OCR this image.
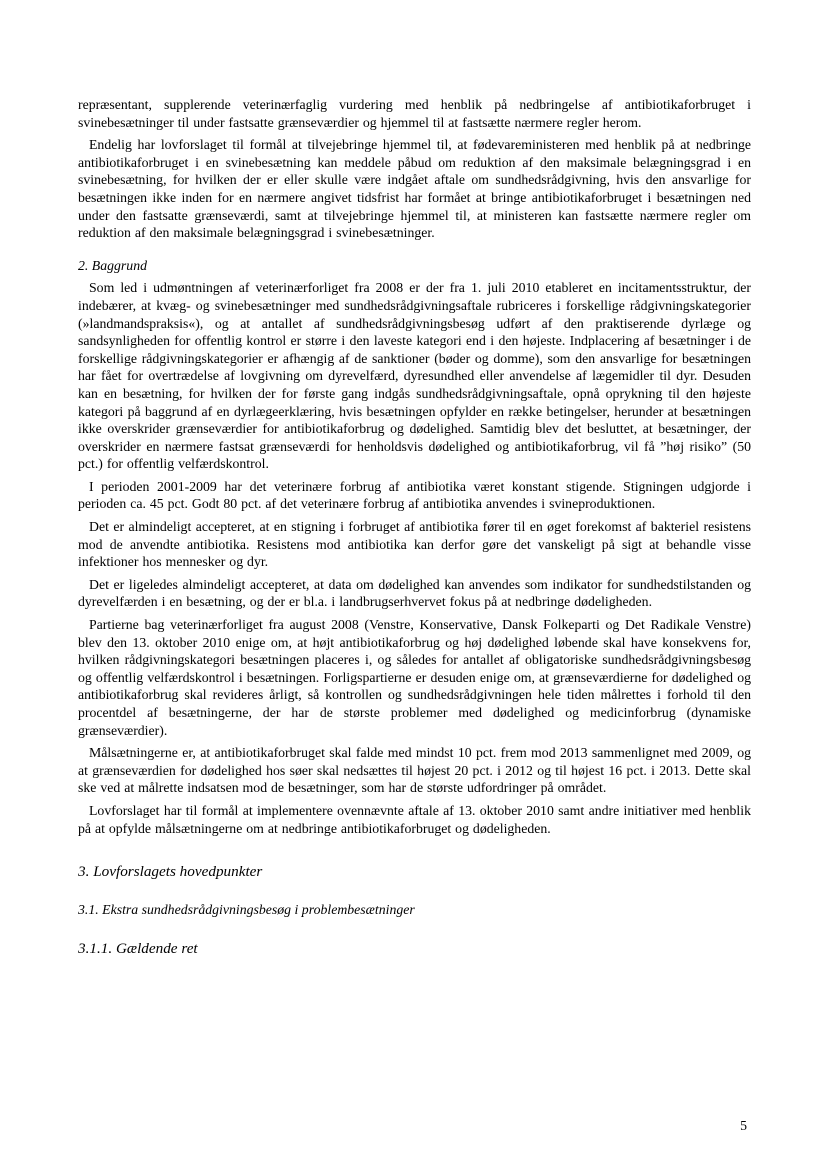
repræsentant, supplerende veterinærfaglig vurdering med henblik på nedbringelse af antibiotikaforbruget i svinebesætninger til under fastsatte grænseværdier og hjemmel til at fastsætte nærmere regler herom.

Endelig har lovforslaget til formål at tilvejebringe hjemmel til, at fødevareministeren med henblik på at nedbringe antibiotikaforbruget i en svinebesætning kan meddele påbud om reduktion af den maksimale belægningsgrad i en svinebesætning, for hvilken der er eller skulle være indgået aftale om sundhedsrådgivning, hvis den ansvarlige for besætningen ikke inden for en nærmere angivet tidsfrist har formået at bringe antibiotikaforbruget i besætningen ned under den fastsatte grænseværdi, samt at tilvejebringe hjemmel til, at ministeren kan fastsætte nærmere regler om reduktion af den maksimale belægningsgrad i svinebesætninger.

2. Baggrund

Som led i udmøntningen af veterinærforliget fra 2008 er der fra 1. juli 2010 etableret en incitamentsstruktur, der indebærer, at kvæg- og svinebesætninger med sundhedsrådgivningsaftale rubriceres i forskellige rådgivningskategorier (»landmandspraksis«), og at antallet af sundhedsrådgivningsbesøg udført af den praktiserende dyrlæge og sandsynligheden for offentlig kontrol er større i den laveste kategori end i den højeste. Indplacering af besætninger i de forskellige rådgivningskategorier er afhængig af de sanktioner (bøder og domme), som den ansvarlige for besætningen har fået for overtrædelse af lovgivning om dyrevelfærd, dyresundhed eller anvendelse af lægemidler til dyr. Desuden kan en besætning, for hvilken der for første gang indgås sundhedsrådgivningsaftale, opnå oprykning til den højeste kategori på baggrund af en dyrlægeerklæring, hvis besætningen opfylder en række betingelser, herunder at besætningen ikke overskrider grænseværdier for antibiotikaforbrug og dødelighed. Samtidig blev det besluttet, at besætninger, der overskrider en nærmere fastsat grænseværdi for henholdsvis dødelighed og antibiotikaforbrug, vil få ”høj risiko” (50 pct.) for offentlig velfærdskontrol.

I perioden 2001-2009 har det veterinære forbrug af antibiotika været konstant stigende. Stigningen udgjorde i perioden ca. 45 pct. Godt 80 pct. af det veterinære forbrug af antibiotika anvendes i svineproduktionen.

Det er almindeligt accepteret, at en stigning i forbruget af antibiotika fører til en øget forekomst af bakteriel resistens mod de anvendte antibiotika. Resistens mod antibiotika kan derfor gøre det vanskeligt på sigt at behandle visse infektioner hos mennesker og dyr.

Det er ligeledes almindeligt accepteret, at data om dødelighed kan anvendes som indikator for sundhedstilstanden og dyrevelfærden i en besætning, og der er bl.a. i landbrugserhvervet fokus på at nedbringe dødeligheden.

Partierne bag veterinærforliget fra august 2008 (Venstre, Konservative, Dansk Folkeparti og Det Radikale Venstre) blev den 13. oktober 2010 enige om, at højt antibiotikaforbrug og høj dødelighed løbende skal have konsekvens for, hvilken rådgivningskategori besætningen placeres i, og således for antallet af obligatoriske sundhedsrådgivningsbesøg og offentlig velfærdskontrol i besætningen. Forligspartierne er desuden enige om, at grænseværdierne for dødelighed og antibiotikaforbrug skal revideres årligt, så kontrollen og sundhedsrådgivningen hele tiden målrettes i forhold til den procentdel af besætningerne, der har de største problemer med dødelighed og medicinforbrug (dynamiske grænseværdier).

Målsætningerne er, at antibiotikaforbruget skal falde med mindst 10 pct. frem mod 2013 sammenlignet med 2009, og at grænseværdien for dødelighed hos søer skal nedsættes til højest 20 pct. i 2012 og til højest 16 pct. i 2013. Dette skal ske ved at målrette indsatsen mod de besætninger, som har de største udfordringer på området.

Lovforslaget har til formål at implementere ovennævnte aftale af 13. oktober 2010 samt andre initiativer med henblik på at opfylde målsætningerne om at nedbringe antibiotikaforbruget og dødeligheden.

3. Lovforslagets hovedpunkter
3.1. Ekstra sundhedsrådgivningsbesøg i problembesætninger
3.1.1. Gældende ret
5
